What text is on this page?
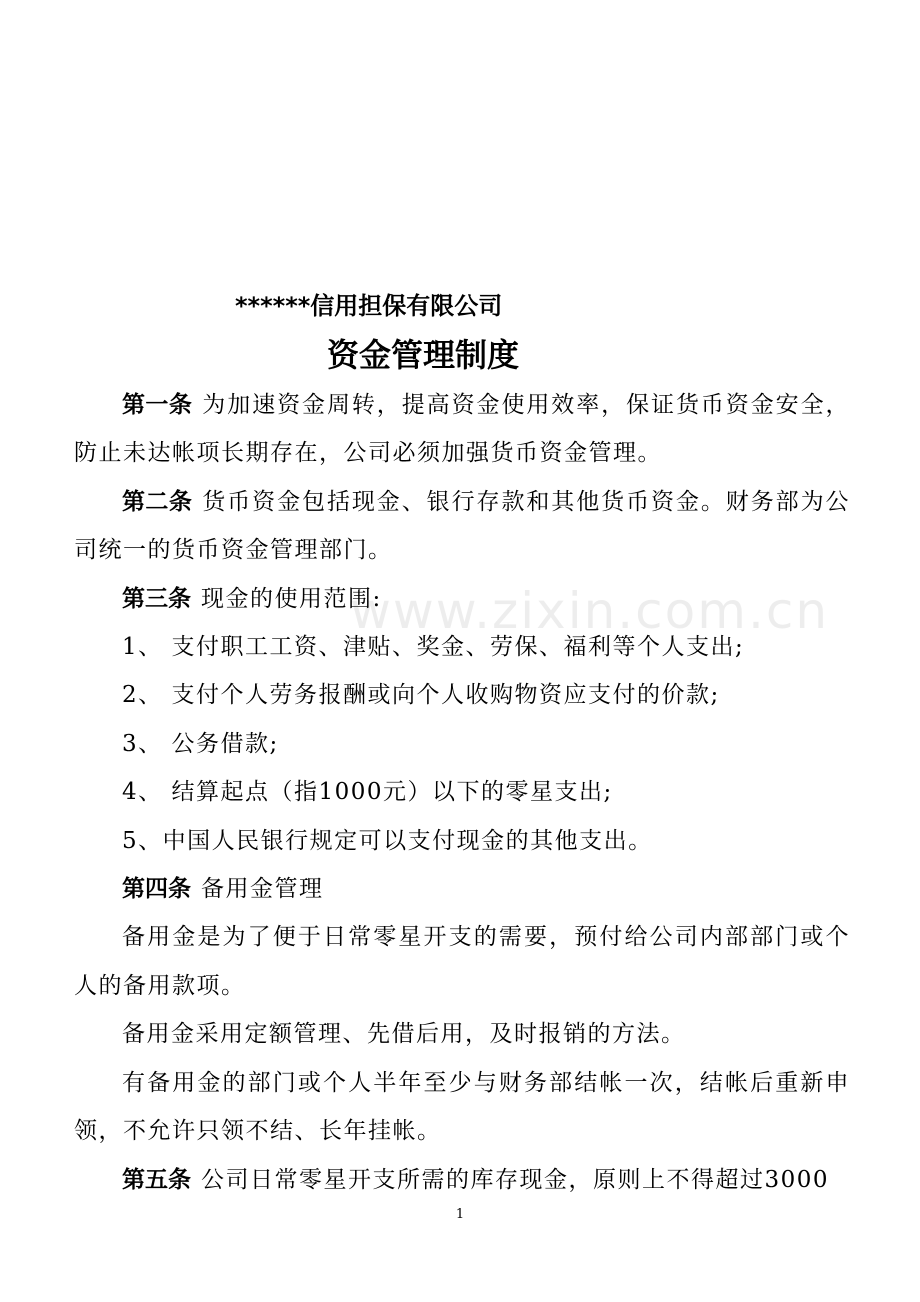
www.zixin.com.cn
******信用担保有限公司
资金管理制度

第一条 为加速资金周转，提高资金使用效率，保证货币资金安全，防止未达帐项长期存在，公司必须加强货币资金管理。

第二条 货币资金包括现金、银行存款和其他货币资金。财务部为公司统一的货币资金管理部门。

第三条 现金的使用范围:

1、 支付职工工资、津贴、奖金、劳保、福利等个人支出;

2、 支付个人劳务报酬或向个人收购物资应支付的价款;

3、 公务借款;

4、 结算起点（指1000元）以下的零星支出;

5、中国人民银行规定可以支付现金的其他支出。

第四条 备用金管理

备用金是为了便于日常零星开支的需要，预付给公司内部部门或个人的备用款项。

备用金采用定额管理、先借后用，及时报销的方法。

有备用金的部门或个人半年至少与财务部结帐一次，结帐后重新申领，不允许只领不结、长年挂帐。

第五条 公司日常零星开支所需的库存现金，原则上不得超过3000

1
